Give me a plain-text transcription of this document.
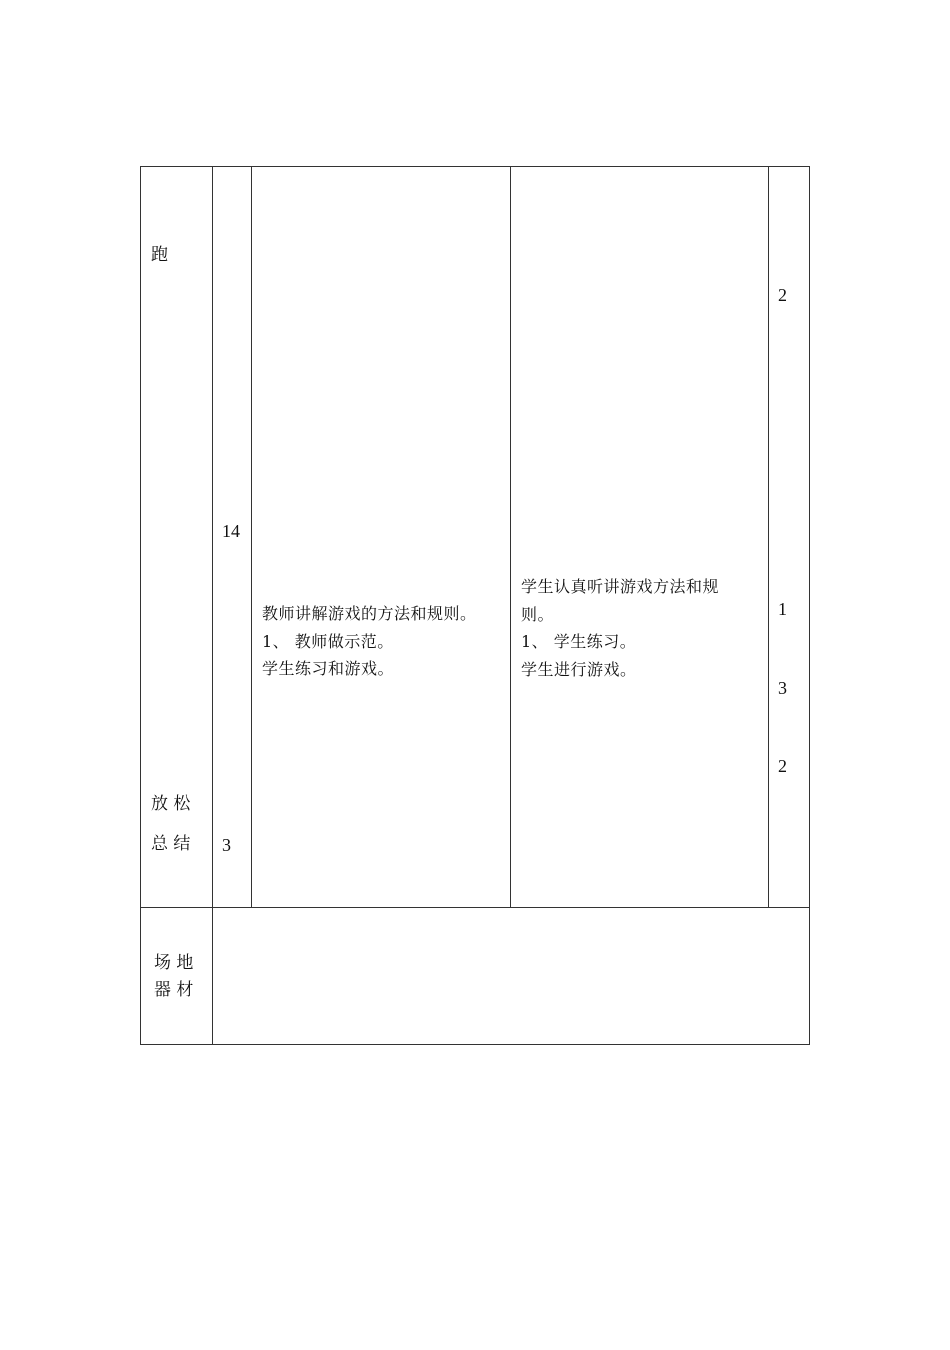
跑
放 松
总 结
14
3
教师讲解游戏的方法和规则。
1、 教师做示范。
学生练习和游戏。
学生认真听讲游戏方法和规
则。
1、 学生练习。
学生进行游戏。
2
1
3
2
场 地
器 材
